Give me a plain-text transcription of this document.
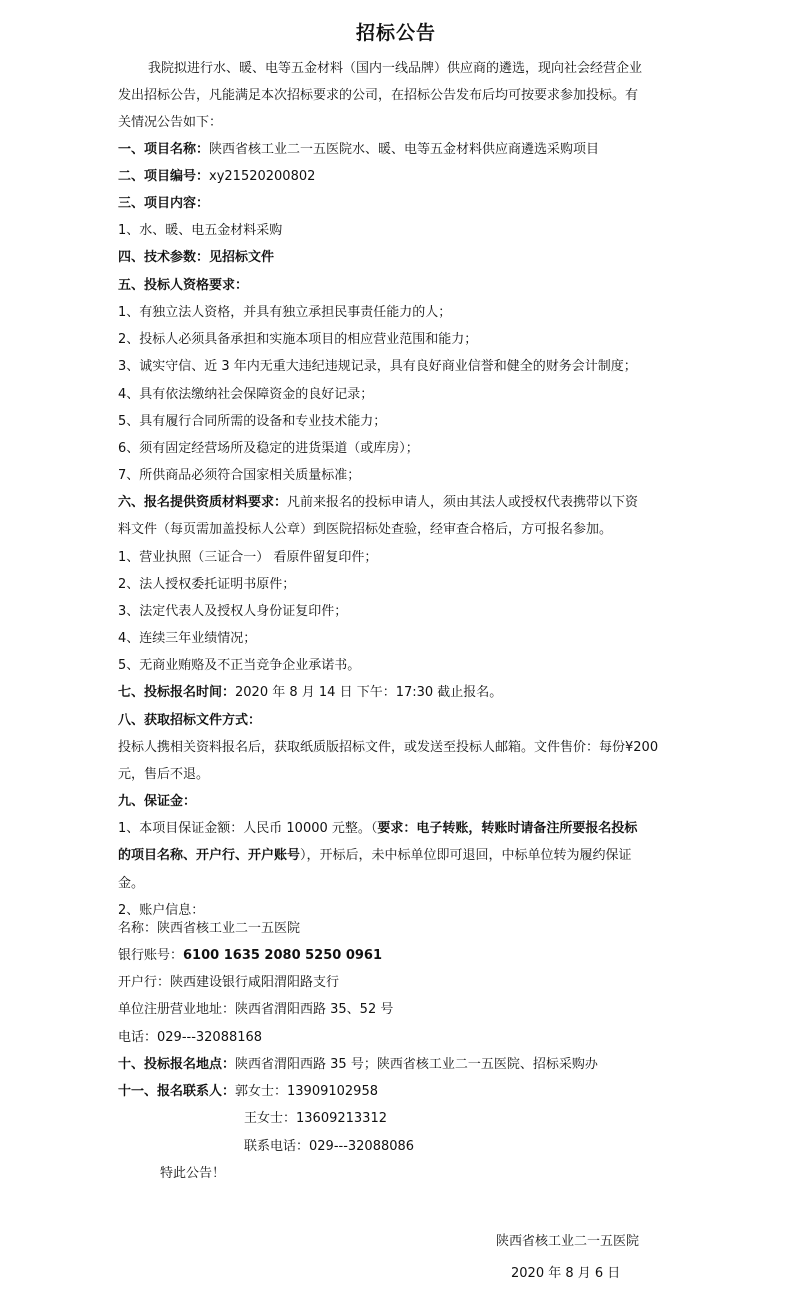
招标公告
我院拟进行水、暖、电等五金材料（国内一线品牌）供应商的遴选，现向社会经营企业
发出招标公告，凡能满足本次招标要求的公司，在招标公告发布后均可按要求参加投标。有
关情况公告如下：
一、项目名称：陕西省核工业二一五医院水、暖、电等五金材料供应商遴选采购项目
二、项目编号：xy21520200802
三、项目内容：
1、水、暖、电五金材料采购
四、技术参数：见招标文件
五、投标人资格要求：
1、有独立法人资格，并具有独立承担民事责任能力的人；
2、投标人必须具备承担和实施本项目的相应营业范围和能力；
3、诚实守信、近 3 年内无重大违纪违规记录，具有良好商业信誉和健全的财务会计制度；
4、具有依法缴纳社会保障资金的良好记录；
5、具有履行合同所需的设备和专业技术能力；
6、须有固定经营场所及稳定的进货渠道（或库房）；
7、所供商品必须符合国家相关质量标准；
六、报名提供资质材料要求：凡前来报名的投标申请人，须由其法人或授权代表携带以下资
料文件（每页需加盖投标人公章）到医院招标处查验，经审查合格后，方可报名参加。
1、营业执照（三证合一） 看原件留复印件；
2、法人授权委托证明书原件；
3、法定代表人及授权人身份证复印件；
4、连续三年业绩情况；
5、无商业贿赂及不正当竞争企业承诺书。
七、投标报名时间：2020 年 8 月 14 日 下午：17:30 截止报名。
八、获取招标文件方式：
投标人携相关资料报名后，获取纸质版招标文件，或发送至投标人邮箱。文件售价：每份¥200
元，售后不退。
九、保证金：
1、本项目保证金额：人民币 10000 元整。（要求：电子转账，转账时请备注所要报名投标
的项目名称、开户行、开户账号），开标后，未中标单位即可退回，中标单位转为履约保证
金。
2、账户信息：
名称：陕西省核工业二一五医院
银行账号：6100 1635 2080 5250 0961
开户行：陕西建设银行咸阳渭阳路支行
单位注册营业地址：陕西省渭阳西路 35、52 号
电话：029---32088168
十、投标报名地点：陕西省渭阳西路 35 号；陕西省核工业二一五医院、招标采购办
十一、报名联系人：郭女士：13909102958
王女士：13609213312
联系电话：029---32088086
特此公告！
陕西省核工业二一五医院
2020 年 8 月 6 日
